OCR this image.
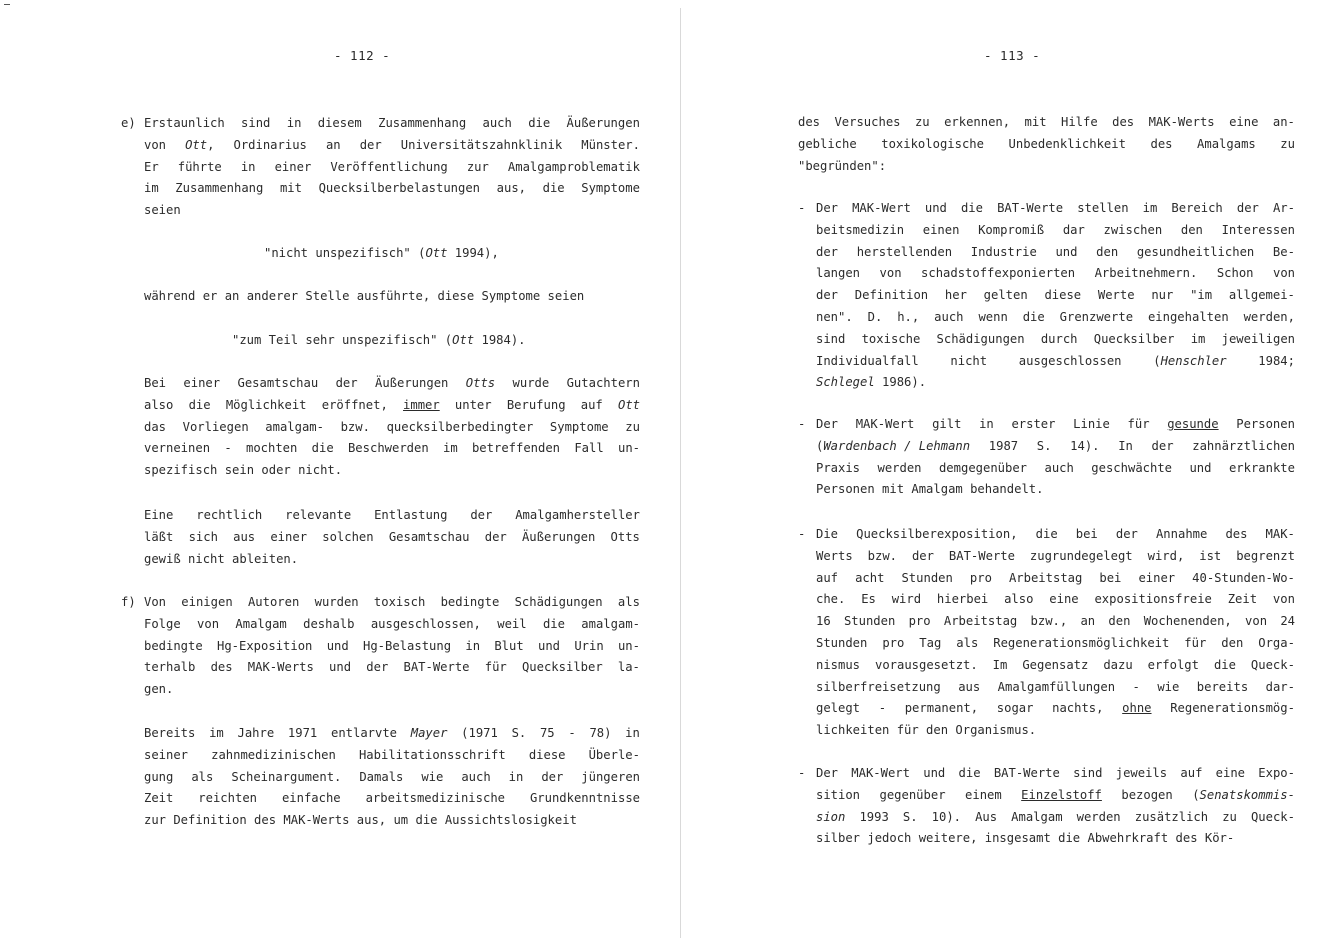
- 112 -
e) Erstaunlich sind in diesem Zusammenhang auch die Äußerungen
von Ott, Ordinarius an der Universitätszahnklinik Münster.
Er führte in einer Veröffentlichung zur Amalgamproblematik
im Zusammenhang mit Quecksilberbelastungen aus, die Symptome
seien
"nicht unspezifisch" (Ott 1994),
während er an anderer Stelle ausführte, diese Symptome seien
"zum Teil sehr unspezifisch" (Ott 1984).
Bei einer Gesamtschau der Äußerungen Otts wurde Gutachtern
also die Möglichkeit eröffnet, immer unter Berufung auf Ott
das Vorliegen amalgam- bzw. quecksilberbedingter Symptome zu
verneinen - mochten die Beschwerden im betreffenden Fall un-
spezifisch sein oder nicht.
Eine rechtlich relevante Entlastung der Amalgamhersteller
läßt sich aus einer solchen Gesamtschau der Äußerungen Otts
gewiß nicht ableiten.
f) Von einigen Autoren wurden toxisch bedingte Schädigungen als
Folge von Amalgam deshalb ausgeschlossen, weil die amalgam-
bedingte Hg-Exposition und Hg-Belastung in Blut und Urin un-
terhalb des MAK-Werts und der BAT-Werte für Quecksilber la-
gen.
Bereits im Jahre 1971 entlarvte Mayer (1971 S. 75 - 78) in
seiner zahnmedizinischen Habilitationsschrift diese Überle-
gung als Scheinargument. Damals wie auch in der jüngeren
Zeit reichten einfache arbeitsmedizinische Grundkenntnisse
zur Definition des MAK-Werts aus, um die Aussichtslosigkeit
- 113 -
des Versuches zu erkennen, mit Hilfe des MAK-Werts eine an-
gebliche toxikologische Unbedenklichkeit des Amalgams zu
"begründen":
- Der MAK-Wert und die BAT-Werte stellen im Bereich der Ar-
beitsmedizin einen Kompromiß dar zwischen den Interessen
der herstellenden Industrie und den gesundheitlichen Be-
langen von schadstoffexponierten Arbeitnehmern. Schon von
der Definition her gelten diese Werte nur "im allgemei-
nen". D. h., auch wenn die Grenzwerte eingehalten werden,
sind toxische Schädigungen durch Quecksilber im jeweiligen
Individualfall	nicht	ausgeschlossen	(Henschler	1984;
Schlegel 1986).
- Der MAK-Wert gilt in erster Linie für gesunde Personen
(Wardenbach / Lehmann 1987 S. 14). In der zahnärztlichen
Praxis werden demgegenüber auch geschwächte und erkrankte
Personen mit Amalgam behandelt.
- Die Quecksilberexposition, die bei der Annahme des MAK-
Werts bzw. der BAT-Werte zugrundegelegt wird, ist begrenzt
auf acht Stunden pro Arbeitstag bei einer 40-Stunden-Wo-
che. Es wird hierbei also eine expositionsfreie Zeit von
16 Stunden pro Arbeitstag bzw., an den Wochenenden, von 24
Stunden pro Tag als Regenerationsmöglichkeit für den Orga-
nismus vorausgesetzt. Im Gegensatz dazu erfolgt die Queck-
silberfreisetzung aus Amalgamfüllungen - wie bereits dar-
gelegt - permanent, sogar nachts, ohne Regenerationsmög-
lichkeiten für den Organismus.
- Der MAK-Wert und die BAT-Werte sind jeweils auf eine Expo-
sition gegenüber einem Einzelstoff bezogen (Senatskommis-
sion 1993 S. 10). Aus Amalgam werden zusätzlich zu Queck-
silber jedoch weitere, insgesamt die Abwehrkraft des Kör-
